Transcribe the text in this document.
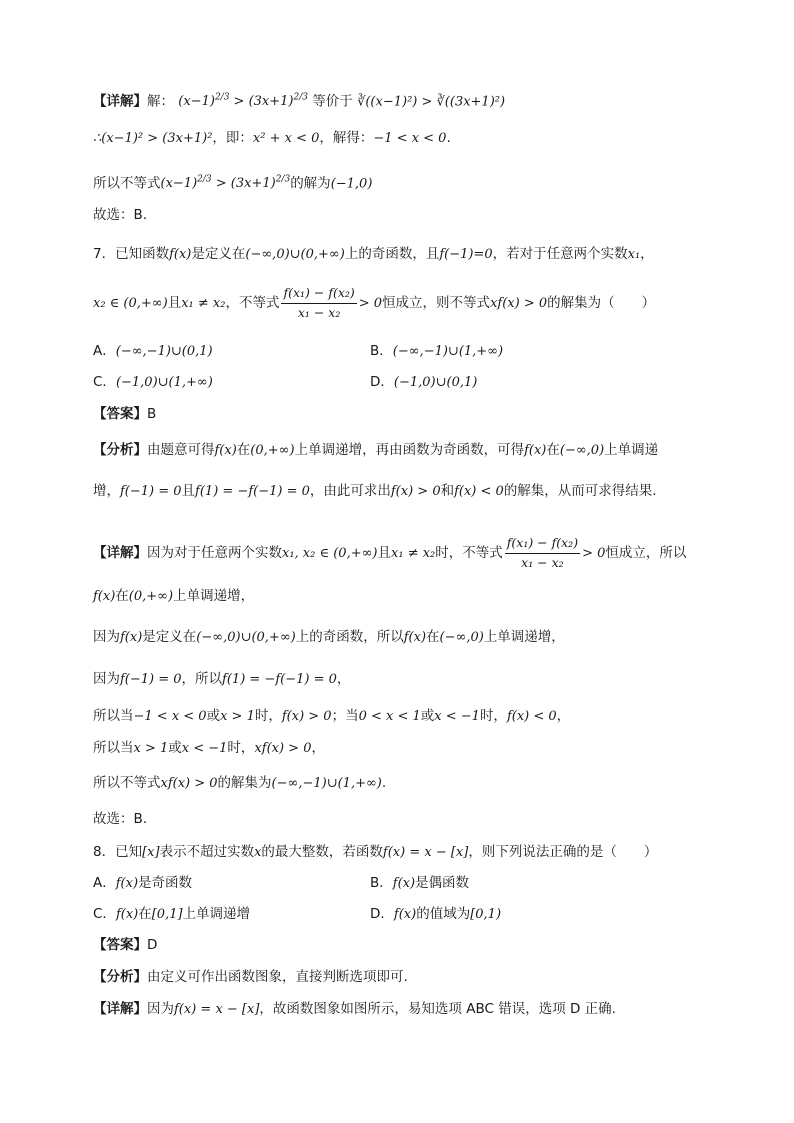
【详解】解： $(x-1)^{2/3} > (3x+1)^{2/3}$ 等价于 ∛((x−1)²) > ∛((3x+1)²)
∴(x−1)² > (3x+1)²，即：x² + x < 0，解得：−1 < x < 0.
所以不等式$(x-1)^{2/3} > (3x+1)^{2/3}$的解为(−1,0)
故选：B.
7．已知函数f(x)是定义在(−∞,0)∪(0,+∞)上的奇函数，且f(−1)=0，若对于任意两个实数x₁，
x₂ ∈ (0,+∞)且x₁ ≠ x₂，不等式 $\frac{\text{f(x₁) − f(x₂)}}{\text{x₁ − x₂}} > 0$恒成立，则不等式xf(x) > 0的解集为（　　）
A．(−∞,−1)∪(0,1)	B．(−∞,−1)∪(1,+∞)
C．(−1,0)∪(1,+∞)	D．(−1,0)∪(0,1)
【答案】B
【分析】由题意可得f(x)在(0,+∞)上单调递增，再由函数为奇函数，可得f(x)在(−∞,0)上单调递
增，f(−1) = 0且f(1) = −f(−1) = 0，由此可求出f(x) > 0和f(x) < 0的解集，从而可求得结果.
【详解】因为对于任意两个实数x₁, x₂ ∈ (0,+∞)且x₁ ≠ x₂时，不等式 $\frac{\text{f(x₁) − f(x₂)}}{\text{x₁ − x₂}} > 0$恒成立，所以
f(x)在(0,+∞)上单调递增，
因为f(x)是定义在(−∞,0)∪(0,+∞)上的奇函数，所以f(x)在(−∞,0)上单调递增，
因为f(−1) = 0，所以f(1) = −f(−1) = 0，
所以当−1 < x < 0或x > 1时，f(x) > 0；当0 < x < 1或x < −1时，f(x) < 0，
所以当x > 1或x < −1时，xf(x) > 0，
所以不等式xf(x) > 0的解集为(−∞,−1)∪(1,+∞).
故选：B.
8．已知[x]表示不超过实数x的最大整数，若函数f(x) = x − [x]，则下列说法正确的是（　　）
A．f(x)是奇函数	B．f(x)是偶函数
C．f(x)在[0,1]上单调递增	D．f(x)的值域为[0,1)
【答案】D
【分析】由定义可作出函数图象，直接判断选项即可.
【详解】因为f(x) = x − [x]，故函数图象如图所示，易知选项 ABC 错误，选项 D 正确.
